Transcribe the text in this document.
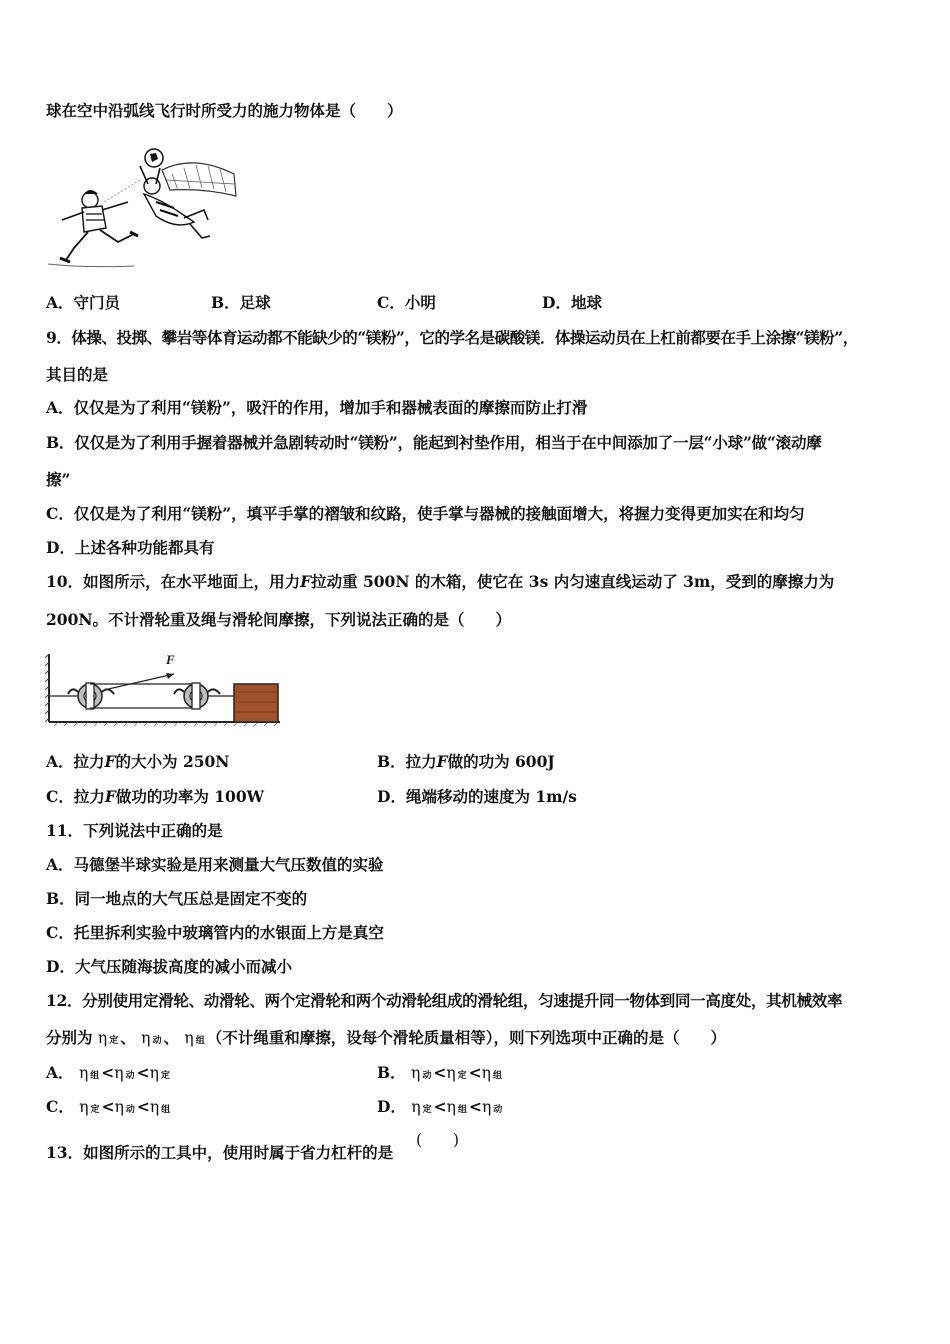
球在空中沿弧线飞行时所受力的施力物体是（　　）
A．守门员	B．足球	C．小明	D．地球
9．体操、投掷、攀岩等体育运动都不能缺少的“镁粉”，它的学名是碳酸镁．体操运动员在上杠前都要在手上涂擦“镁粉”，
其目的是
A．仅仅是为了利用“镁粉”，吸汗的作用，增加手和器械表面的摩擦而防止打滑
B．仅仅是为了利用手握着器械并急剧转动时“镁粉”，能起到衬垫作用，相当于在中间添加了一层“小球”做“滚动摩
擦”
C．仅仅是为了利用“镁粉”，填平手掌的褶皱和纹路，使手掌与器械的接触面增大，将握力变得更加实在和均匀
D．上述各种功能都具有
10．如图所示，在水平地面上，用力F拉动重 500N 的木箱，使它在 3s 内匀速直线运动了 3m，受到的摩擦力为
200N。不计滑轮重及绳与滑轮间摩擦，下列说法正确的是（　　）
F
A．拉力F的大小为 250N	B．拉力F做的功为 600J
C．拉力F做功的功率为 100W	D．绳端移动的速度为 1m/s
11．下列说法中正确的是
A．马德堡半球实验是用来测量大气压数值的实验
B．同一地点的大气压总是固定不变的
C．托里拆利实验中玻璃管内的水银面上方是真空
D．大气压随海拔高度的减小而减小
12．分别使用定滑轮、动滑轮、两个定滑轮和两个动滑轮组成的滑轮组，匀速提升同一物体到同一高度处，其机械效率
分别为 η 定 、 η 动 、 η 组 （不计绳重和摩擦，设每个滑轮质量相等），则下列选项中正确的是（　　）
A． η 组 <η 动 <η 定	B． η 动 <η 定 <η 组
C． η 定 <η 动 <η 组	D． η 定 <η 组 <η 动
13．如图所示的工具中，使用时属于省力杠杆的是
(　　)
